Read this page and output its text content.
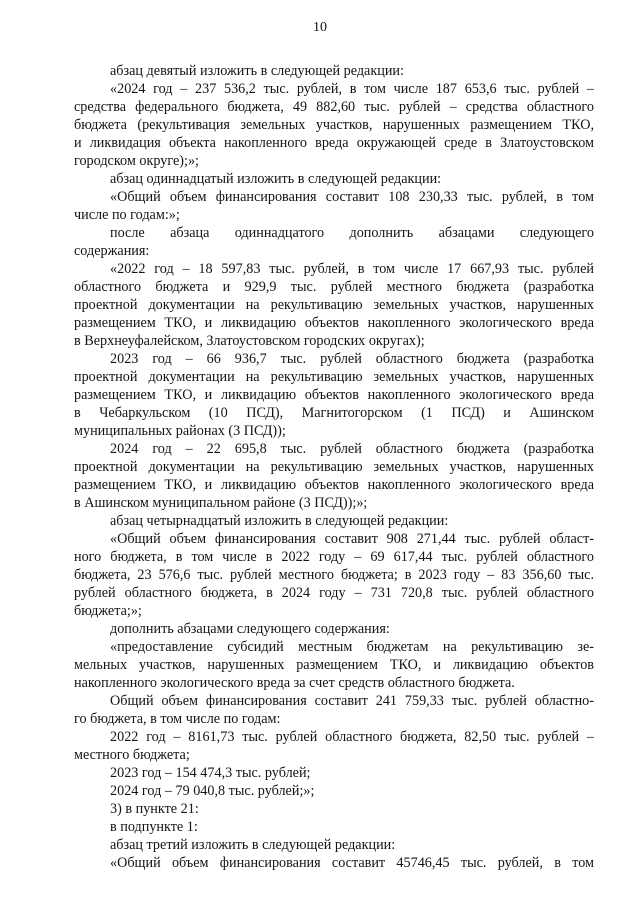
10
абзац девятый изложить в следующей редакции:
«2024 год – 237 536,2 тыс. рублей, в том числе 187 653,6 тыс. рублей –
средства федерального бюджета, 49 882,60 тыс. рублей – средства областного
бюджета (рекультивация земельных участков, нарушенных размещением ТКО,
и ликвидация объекта накопленного вреда окружающей среде в Златоустовском
городском округе);»;
абзац одиннадцатый изложить в следующей редакции:
«Общий объем финансирования составит 108 230,33 тыс. рублей, в том
числе по годам:»;
после абзаца одиннадцатого дополнить абзацами следующего
содержания:
«2022 год – 18 597,83 тыс. рублей, в том числе 17 667,93 тыс. рублей
областного бюджета и 929,9 тыс. рублей местного бюджета (разработка
проектной документации на рекультивацию земельных участков, нарушенных
размещением ТКО, и ликвидацию объектов накопленного экологического вреда
в Верхнеуфалейском, Златоустовском городских округах);
2023 год – 66 936,7 тыс. рублей областного бюджета (разработка
проектной документации на рекультивацию земельных участков, нарушенных
размещением ТКО, и ликвидацию объектов накопленного экологического вреда
в Чебаркульском (10 ПСД), Магнитогорском (1 ПСД) и Ашинском
муниципальных районах (3 ПСД));
2024 год – 22 695,8 тыс. рублей областного бюджета (разработка
проектной документации на рекультивацию земельных участков, нарушенных
размещением ТКО, и ликвидацию объектов накопленного экологического вреда
в Ашинском муниципальном районе (3 ПСД));»;
абзац четырнадцатый изложить в следующей редакции:
«Общий объем финансирования составит 908 271,44 тыс. рублей област-
ного бюджета, в том числе в 2022 году – 69 617,44 тыс. рублей областного
бюджета, 23 576,6 тыс. рублей местного бюджета; в 2023 году – 83 356,60 тыс.
рублей областного бюджета, в 2024 году – 731 720,8 тыс. рублей областного
бюджета;»;
дополнить абзацами следующего содержания:
«предоставление субсидий местным бюджетам на рекультивацию зе-
мельных участков, нарушенных размещением ТКО, и ликвидацию объектов
накопленного экологического вреда за счет средств областного бюджета.
Общий объем финансирования составит 241 759,33 тыс. рублей областно-
го бюджета, в том числе по годам:
2022 год – 8161,73 тыс. рублей областного бюджета, 82,50 тыс. рублей –
местного бюджета;
2023 год – 154 474,3 тыс. рублей;
2024 год – 79 040,8 тыс. рублей;»;
3) в пункте 21:
в подпункте 1:
абзац третий изложить в следующей редакции:
«Общий объем финансирования составит 45746,45 тыс. рублей, в том
